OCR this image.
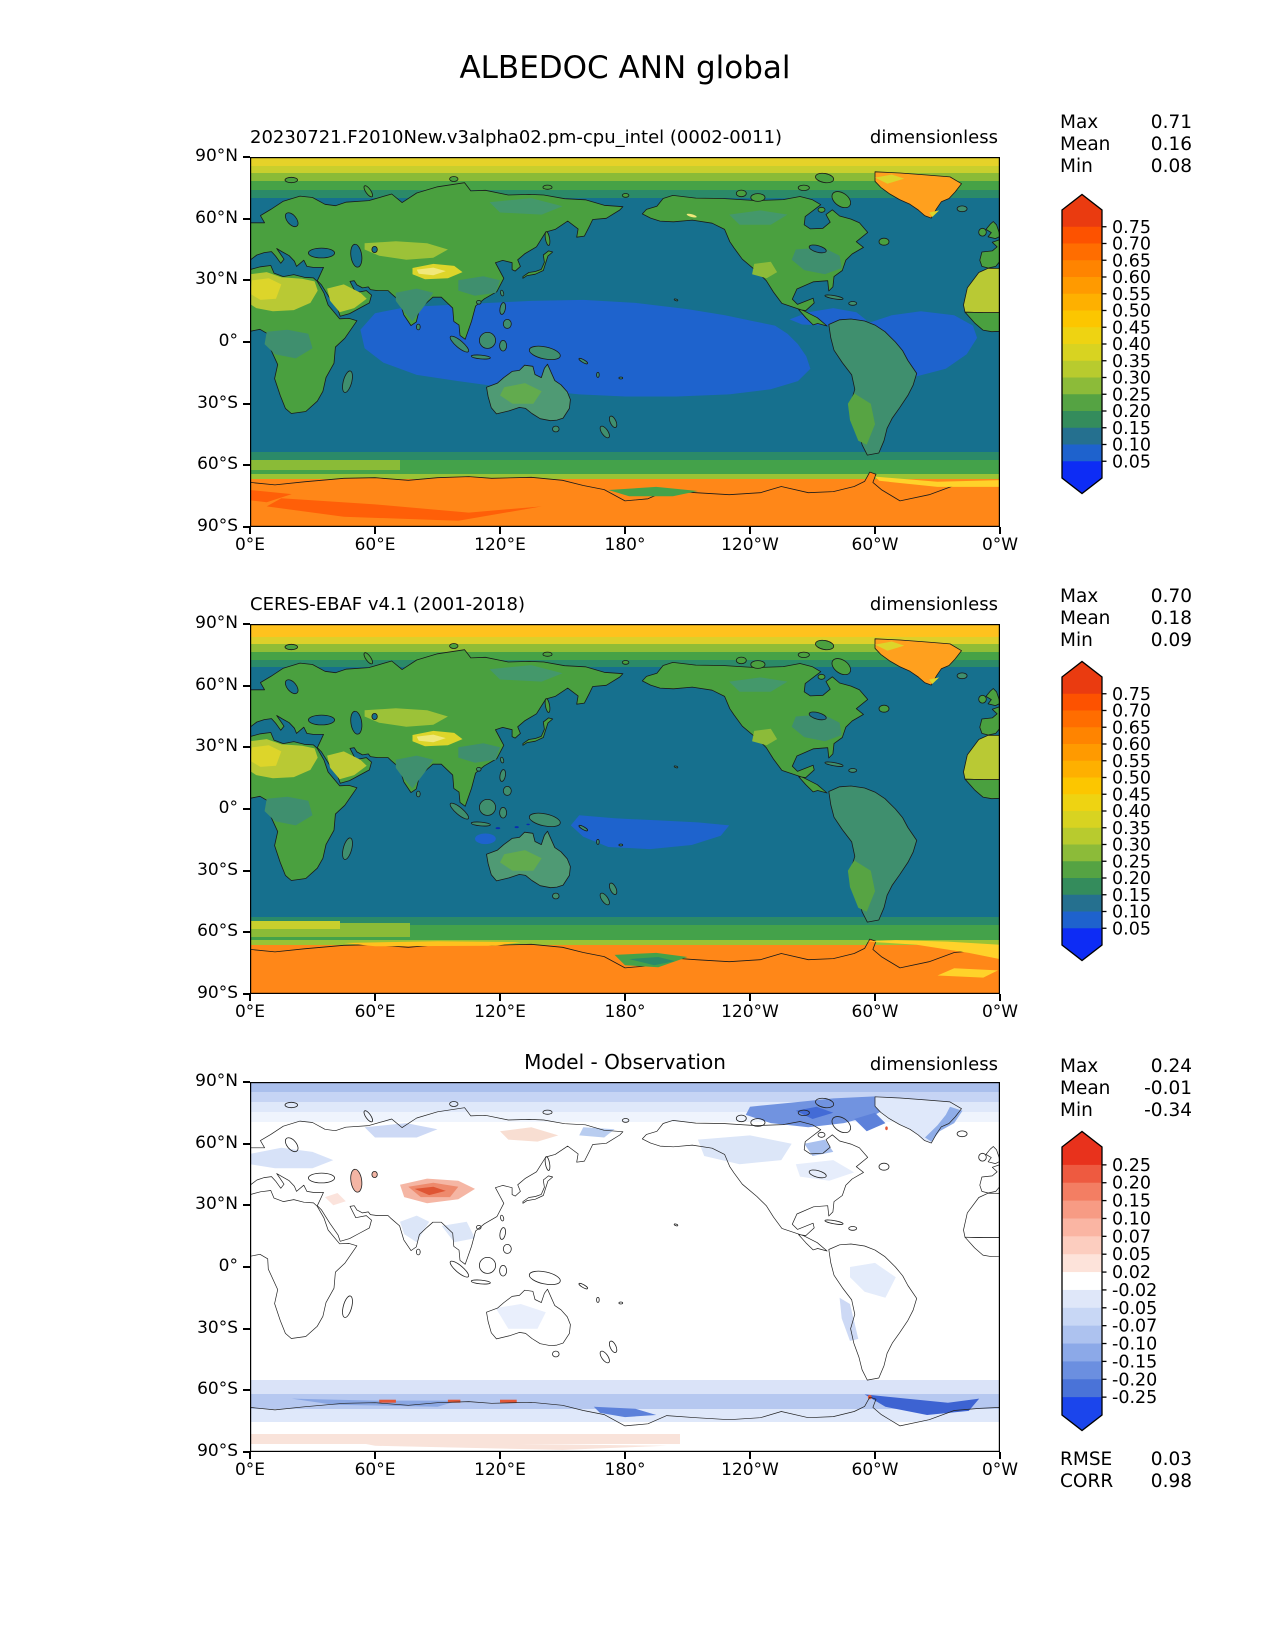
ALBEDOC ANN global
20230721.F2010New.v3alpha02.pm-cpu_intel (0002-0011)	dimensionless
0.75
0.70
0.65
0.60
0.55
0.50
0.45
0.40
0.35
0.30
0.25
0.20
0.15
0.10
0.05
CERES-EBAF v4.1 (2001-2018)	dimensionless
0.75
0.70
0.65
0.60
0.55
0.50
0.45
0.40
0.35
0.30
0.25
0.20
0.15
0.10
0.05
Model - Observation	dimensionless
0.25
0.20
0.15
0.10
0.07
0.05
0.02
-0.02
-0.05
-0.07
-0.10
-0.15
-0.20
-0.25
Max	0.71
Mean 0.16
Min	0.08
Max	0.70
Mean 0.18
Min	0.09
Max	0.24
Mean -0.01
Min	-0.34
RMSE 0.03
CORR 0.98
0°E	60°E	120°E	180°	120°W	60°W	0°W
90°N
60°N
30°N
0°
30°S
60°S
90°S
0°E	60°E	120°E	180°	120°W	60°W	0°W
90°N
60°N
30°N
0°
30°S
60°S
90°S
0°E	60°E	120°E	180°	120°W	60°W	0°W
90°N
60°N
30°N
0°
30°S
60°S
90°S
